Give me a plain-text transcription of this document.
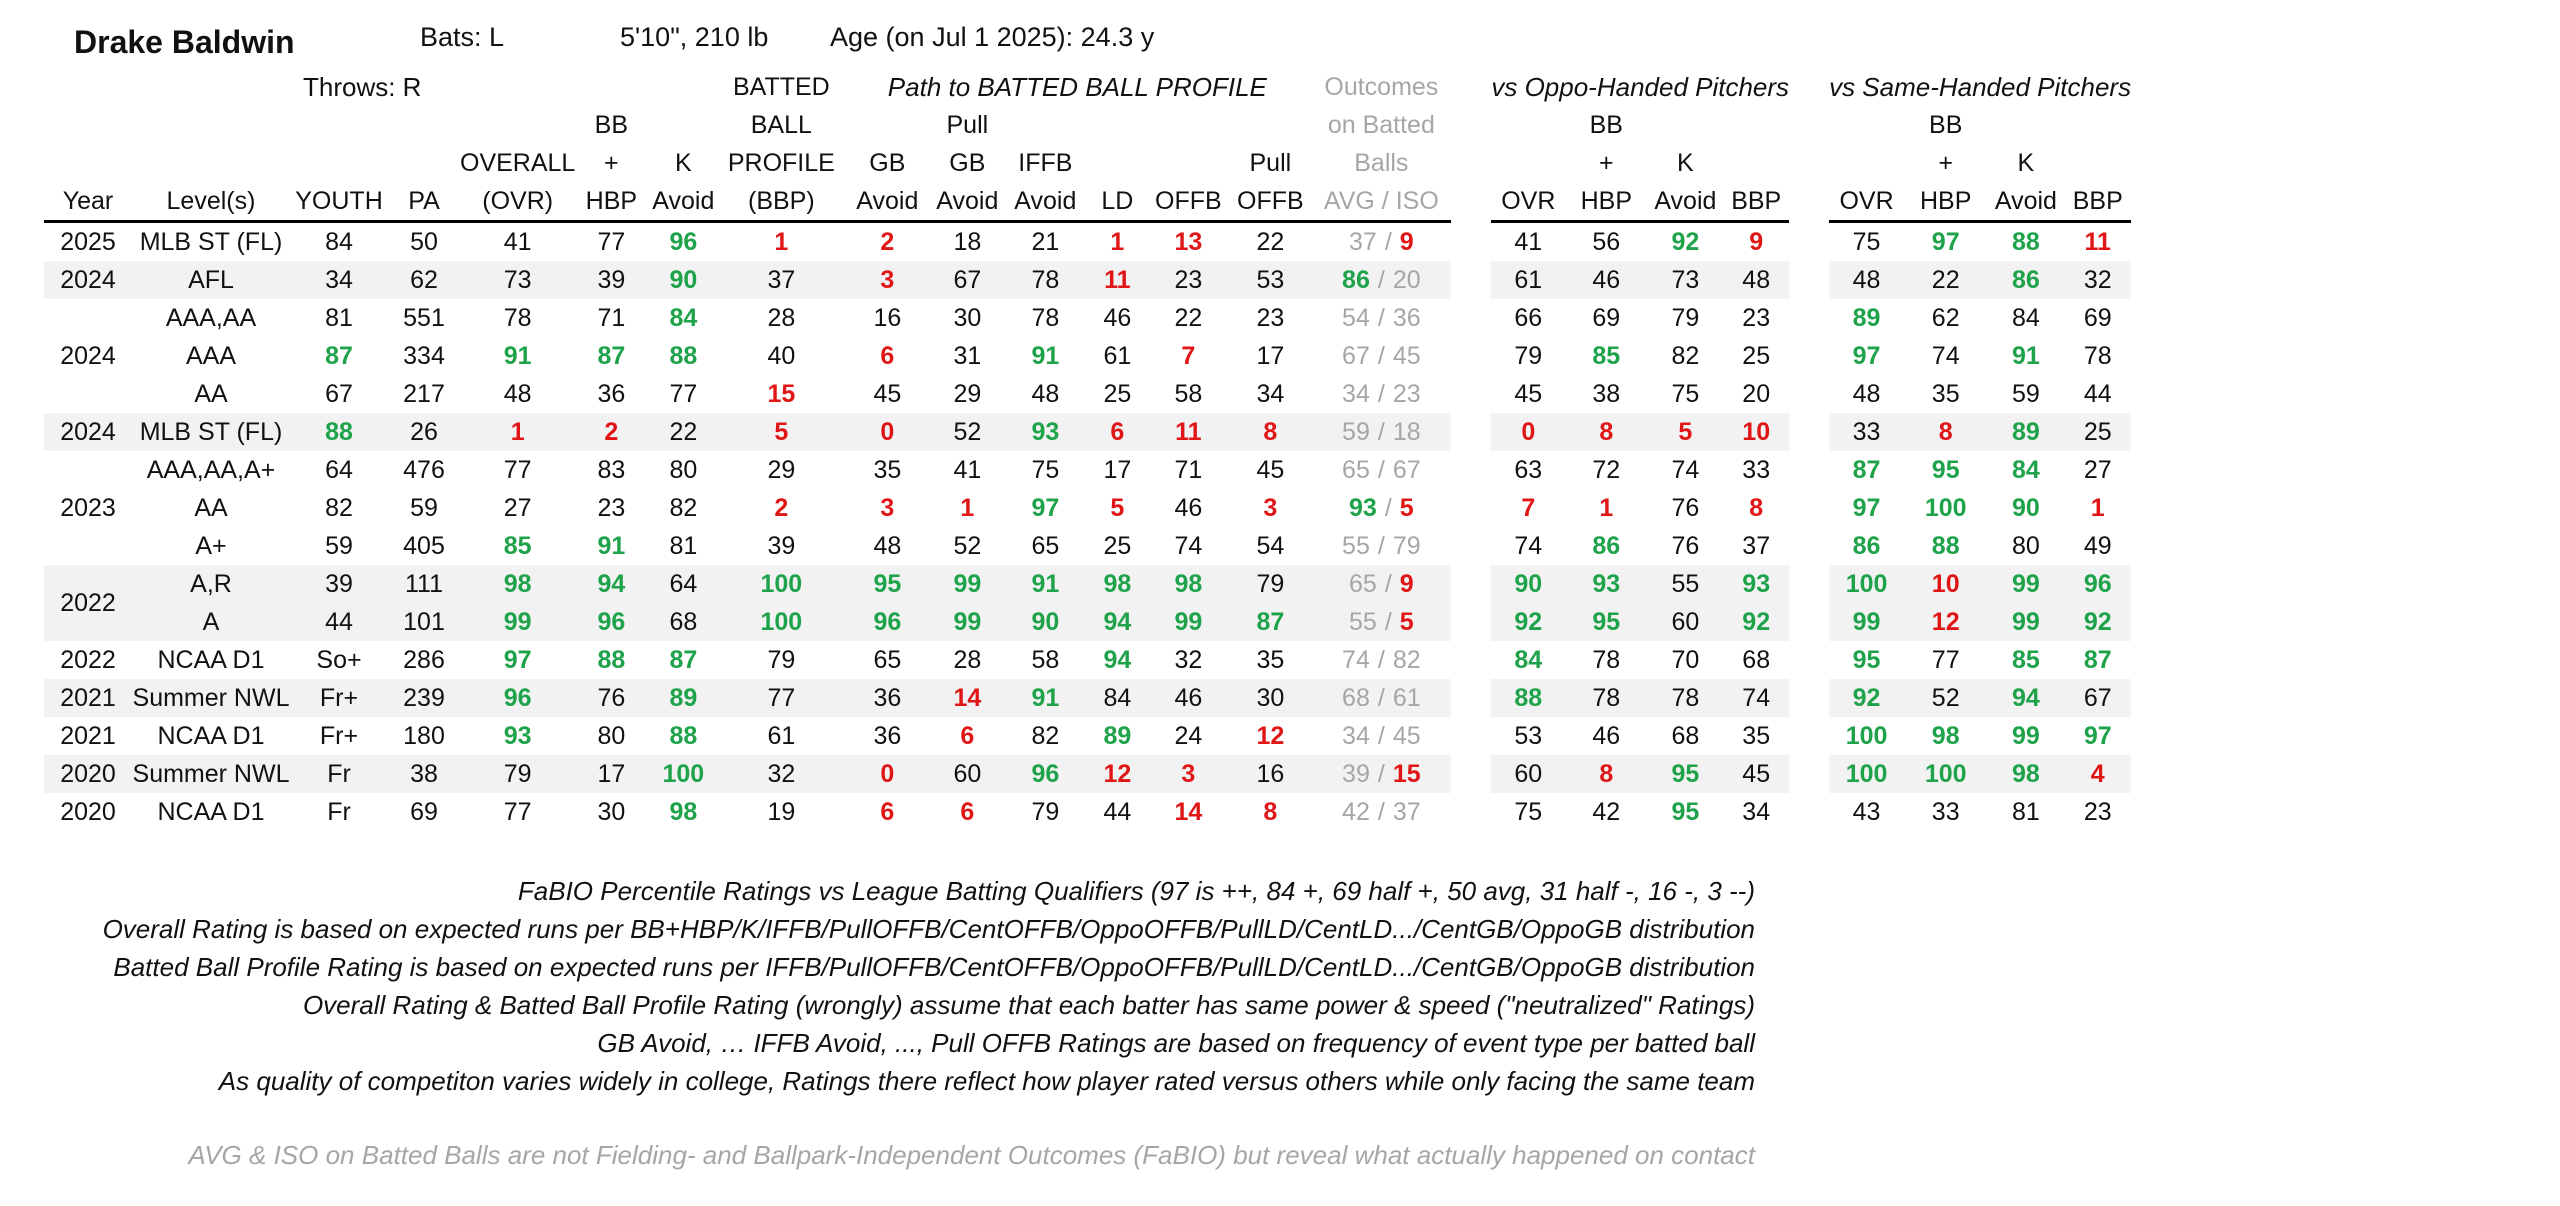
Drake Baldwin	Bats: L	5'10", 210 lb Age (on Jul 1 2025): 24.3 y
		Throws: R					BATTED	Path to BATTED BALL PROFILE						Outcomes		vs Oppo-Handed Pitchers					vs Same-Handed Pitchers			
					BB		BALL		Pull					on Batted			BB					BB		
				OVERALL	+	K	PROFILE	GB	GB	IFFB			Pull	Balls			+	K				+	K	
Year	Level(s)	YOUTH	PA	(OVR)	HBP	Avoid	(BBP)	Avoid	Avoid	Avoid	LD	OFFB	OFFB	AVG / ISO		OVR	HBP	Avoid	BBP		OVR	HBP	Avoid	BBP
2025	MLB ST (FL)	84	50	41	77	96	1	2	18	21	1	13	22	37 / 9		41	56	92	9		75	97	88	11
2024	AFL	34	62	73	39	90	37	3	67	78	11	23	53	86 / 20		61	46	73	48		48	22	86	32
	AAA,AA	81	551	78	71	84	28	16	30	78	46	22	23	54 / 36		66	69	79	23		89	62	84	69
2024	AAA	87	334	91	87	88	40	6	31	91	61	7	17	67 / 45		79	85	82	25		97	74	91	78
	AA	67	217	48	36	77	15	45	29	48	25	58	34	34 / 23		45	38	75	20		48	35	59	44
2024	MLB ST (FL)	88	26	1	2	22	5	0	52	93	6	11	8	59 / 18		0	8	5	10		33	8	89	25
	AAA,AA,A+	64	476	77	83	80	29	35	41	75	17	71	45	65 / 67		63	72	74	33		87	95	84	27
2023	AA	82	59	27	23	82	2	3	1	97	5	46	3	93 / 5		7	1	76	8		97	100	90	1
	A+	59	405	85	91	81	39	48	52	65	25	74	54	55 / 79		74	86	76	37		86	88	80	49
2022	A,R	39	111	98	94	64	100	95	99	91	98	98	79	65 / 9		90	93	55	93		100	10	99	96
	A	44	101	99	96	68	100	96	99	90	94	99	87	55 / 5		92	95	60	92		99	12	99	92
2022	NCAA D1	So+	286	97	88	87	79	65	28	58	94	32	35	74 / 82		84	78	70	68		95	77	85	87
2021	Summer NWL	Fr+	239	96	76	89	77	36	14	91	84	46	30	68 / 61		88	78	78	74		92	52	94	67
2021	NCAA D1	Fr+	180	93	80	88	61	36	6	82	89	24	12	34 / 45		53	46	68	35		100	98	99	97
2020	Summer NWL	Fr	38	79	17	100	32	0	60	96	12	3	16	39 / 15		60	8	95	45		100	100	98	4
2020	NCAA D1	Fr	69	77	30	98	19	6	6	79	44	14	8	42 / 37		75	42	95	34		43	33	81	23
FaBIO Percentile Ratings vs League Batting Qualifiers (97 is ++, 84 +, 69 half +, 50 avg, 31 half -, 16 -, 3 --)
Overall Rating is based on expected runs per BB+HBP/K/IFFB/PullOFFB/CentOFFB/OppoOFFB/PullLD/CentLD.../CentGB/OppoGB distribution
Batted Ball Profile Rating is based on expected runs per IFFB/PullOFFB/CentOFFB/OppoOFFB/PullLD/CentLD.../CentGB/OppoGB distribution
Overall Rating & Batted Ball Profile Rating (wrongly) assume that each batter has same power & speed ("neutralized" Ratings)
GB Avoid, … IFFB Avoid, ..., Pull OFFB Ratings are based on frequency of event type per batted ball
As quality of competiton varies widely in college, Ratings there reflect how player rated versus others while only facing the same team
AVG & ISO on Batted Balls are not Fielding- and Ballpark-Independent Outcomes (FaBIO) but reveal what actually happened on contact
